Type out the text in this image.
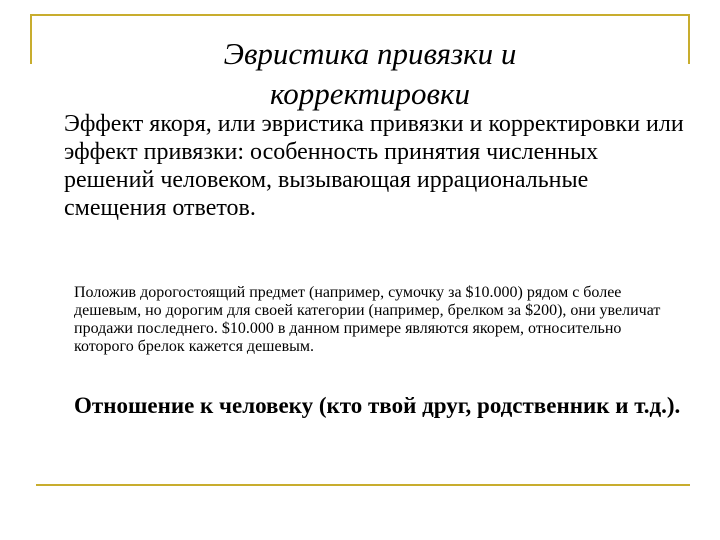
Эвристика привязки и корректировки

Эффект якоря, или эвристика привязки и корректировки или эффект привязки: особенность принятия численных решений человеком, вызывающая иррациональные смещения ответов.

Положив дорогостоящий предмет (например, сумочку за $10.000) рядом с более дешевым, но дорогим для своей категории (например, брелком за $200), они увеличат продажи последнего. $10.000 в данном примере являются якорем, относительно которого брелок кажется дешевым.

Отношение к человеку (кто твой друг, родственник и т.д.).
